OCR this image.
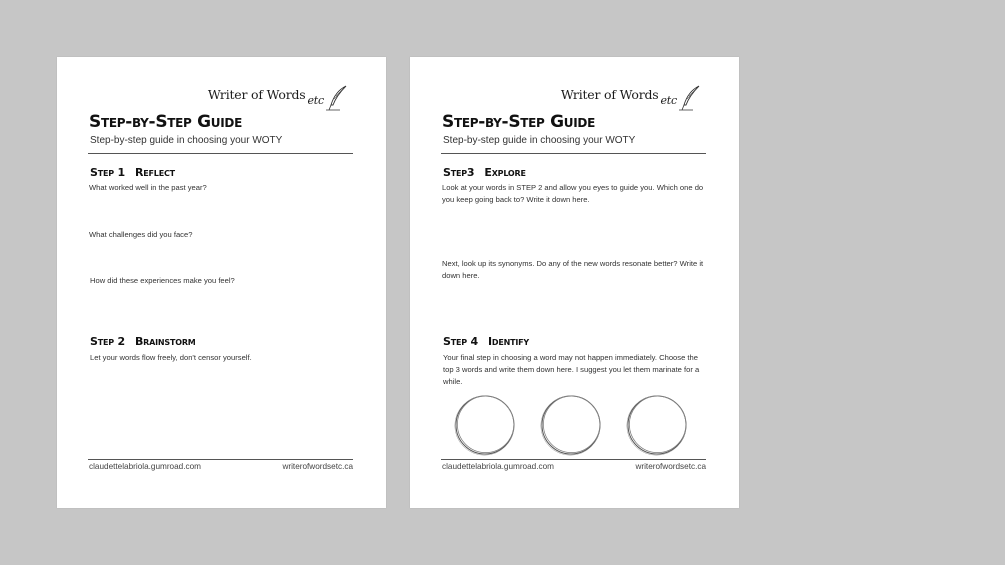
Writer of Words etc
Step-by-Step Guide
Step-by-step guide in choosing your WOTY
Step 1 Reflect
What worked well in the past year?
What challenges did you face?
How did these experiences make you feel?
Step 2 Brainstorm
Let your words flow freely, don't censor yourself.
claudettelabriola.gumroad.com	writerofwordsetc.ca
Writer of Words etc
Step-by-Step Guide
Step-by-step guide in choosing your WOTY
Step3 Explore
Look at your words in STEP 2 and allow you eyes to guide you. Which one do you keep going back to? Write it down here.
Next, look up its synonyms. Do any of the new words resonate better? Write it down here.
Step 4 Identify
Your final step in choosing a word may not happen immediately. Choose the top 3 words and write them down here. I suggest you let them marinate for a while.
claudettelabriola.gumroad.com	writerofwordsetc.ca
